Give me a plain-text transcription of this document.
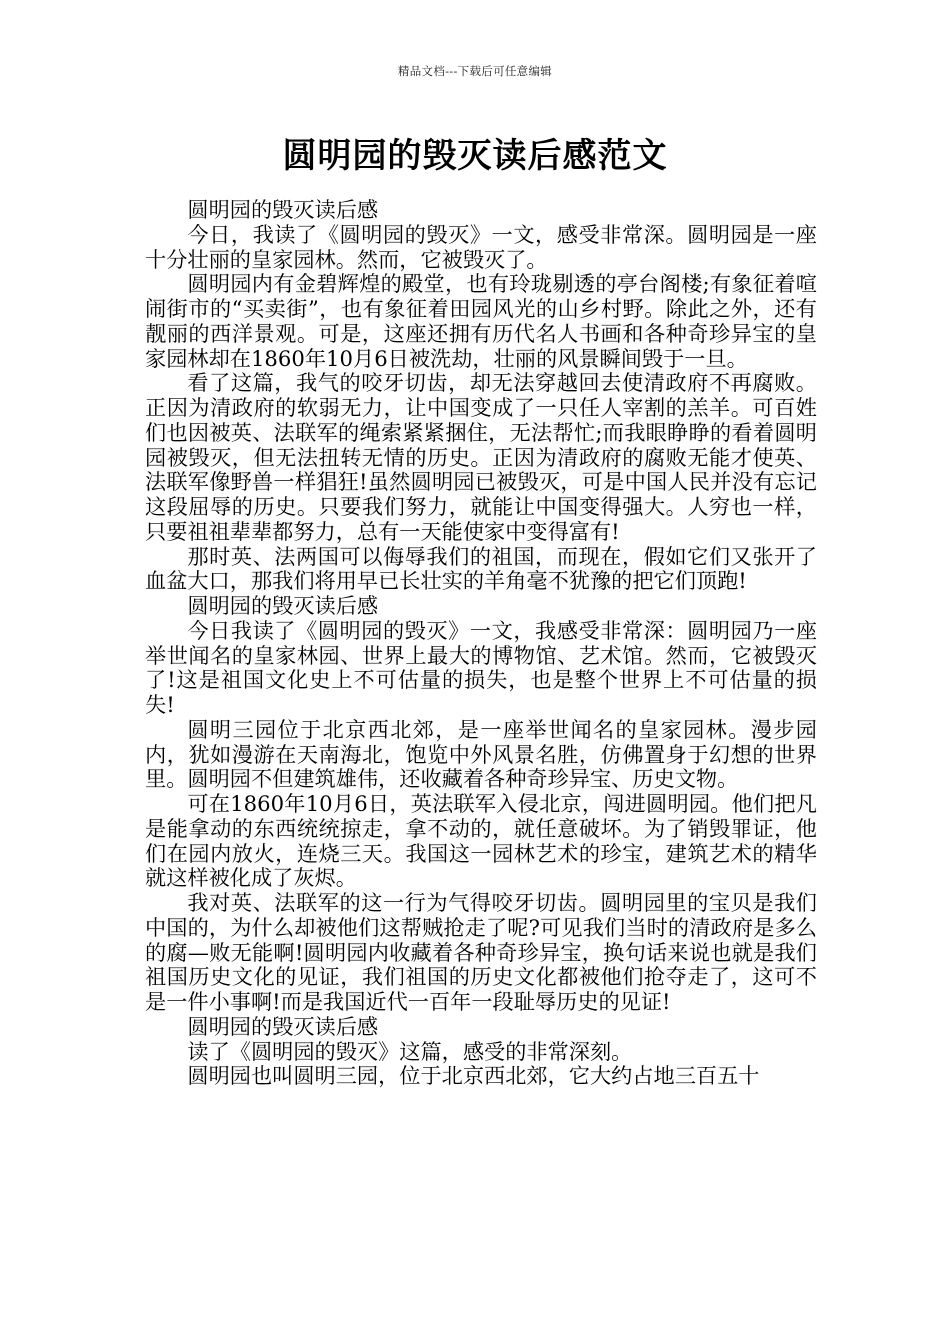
精品文档---下载后可任意编辑
圆明园的毁灭读后感范文

圆明园的毁灭读后感

今日，我读了《圆明园的毁灭》一文，感受非常深。圆明园是一座十分壮丽的皇家园林。然而，它被毁灭了。

圆明园内有金碧辉煌的殿堂，也有玲珑剔透的亭台阁楼;有象征着喧闹街市的“买卖街”，也有象征着田园风光的山乡村野。除此之外，还有靓丽的西洋景观。可是，这座还拥有历代名人书画和各种奇珍异宝的皇家园林却在1860年10月6日被洗劫，壮丽的风景瞬间毁于一旦。

看了这篇，我气的咬牙切齿，却无法穿越回去使清政府不再腐败。正因为清政府的软弱无力，让中国变成了一只任人宰割的羔羊。可百姓们也因被英、法联军的绳索紧紧捆住，无法帮忙;而我眼睁睁的看着圆明园被毁灭，但无法扭转无情的历史。正因为清政府的腐败无能才使英、法联军像野兽一样猖狂!虽然圆明园已被毁灭，可是中国人民并没有忘记这段屈辱的历史。只要我们努力，就能让中国变得强大。人穷也一样，只要祖祖辈辈都努力，总有一天能使家中变得富有!

那时英、法两国可以侮辱我们的祖国，而现在，假如它们又张开了血盆大口，那我们将用早已长壮实的羊角毫不犹豫的把它们顶跑!

圆明园的毁灭读后感

今日我读了《圆明园的毁灭》一文，我感受非常深：圆明园乃一座举世闻名的皇家林园、世界上最大的博物馆、艺术馆。然而，它被毁灭了!这是祖国文化史上不可估量的损失，也是整个世界上不可估量的损失!

圆明三园位于北京西北郊，是一座举世闻名的皇家园林。漫步园内，犹如漫游在天南海北，饱览中外风景名胜，仿佛置身于幻想的世界里。圆明园不但建筑雄伟，还收藏着各种奇珍异宝、历史文物。

可在1860年10月6日，英法联军入侵北京，闯进圆明园。他们把凡是能拿动的东西统统掠走，拿不动的，就任意破坏。为了销毁罪证，他们在园内放火，连烧三天。我国这一园林艺术的珍宝，建筑艺术的精华就这样被化成了灰烬。

我对英、法联军的这一行为气得咬牙切齿。圆明园里的宝贝是我们中国的，为什么却被他们这帮贼抢走了呢?可见我们当时的清政府是多么的腐—败无能啊!圆明园内收藏着各种奇珍异宝，换句话来说也就是我们祖国历史文化的见证，我们祖国的历史文化都被他们抢夺走了，这可不是一件小事啊!而是我国近代一百年一段耻辱历史的见证!

圆明园的毁灭读后感

读了《圆明园的毁灭》这篇，感受的非常深刻。

圆明园也叫圆明三园，位于北京西北郊，它大约占地三百五十
